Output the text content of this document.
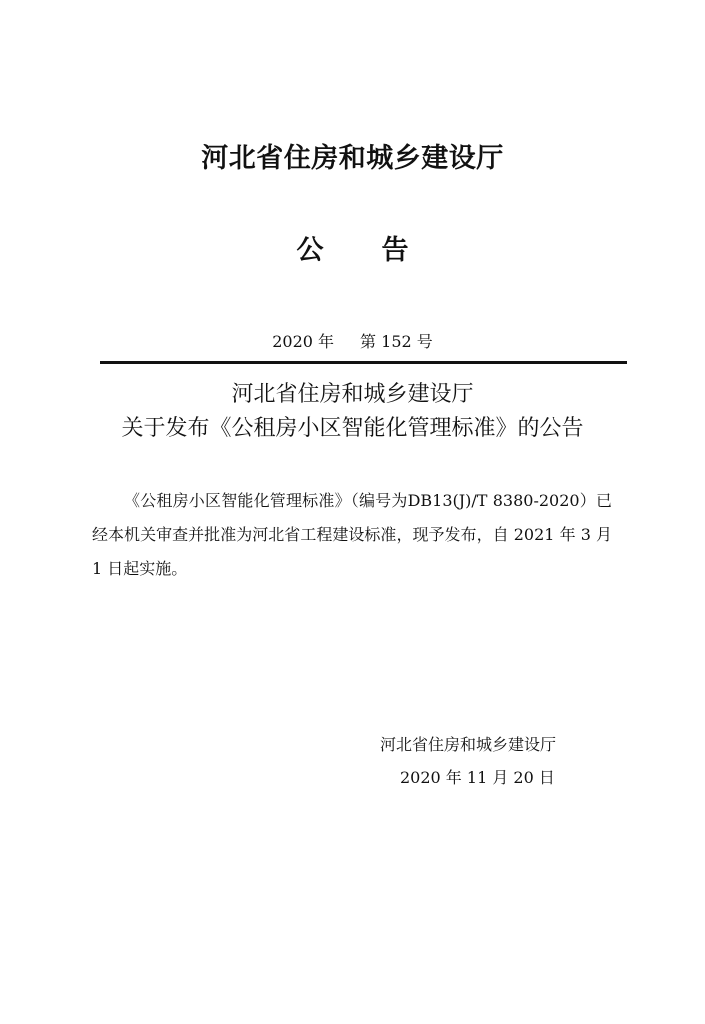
河北省住房和城乡建设厅
公 告
2020 年 第 152 号
河北省住房和城乡建设厅
关于发布《公租房小区智能化管理标准》的公告

《公租房小区智能化管理标准》（编号为DB13(J)/T 8380-2020）已经本机关审查并批准为河北省工程建设标准，现予发布，自 2021 年 3 月 1 日起实施。

河北省住房和城乡建设厅
2020 年 11 月 20 日
